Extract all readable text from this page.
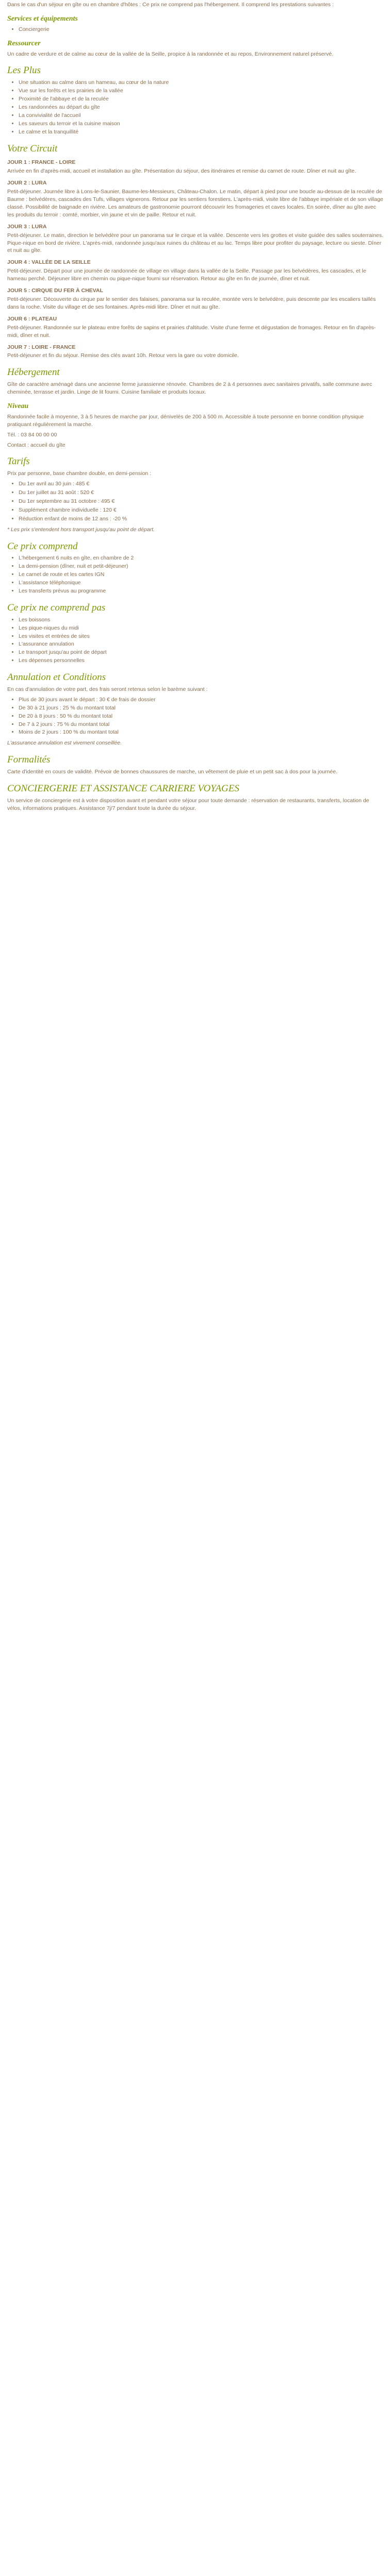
Dans le cas d'un séjour en gîte ou en chambre d'hôtes : Ce prix ne comprend pas l'hébergement. Il comprend les prestations suivantes :

Services et équipements
• Conciergerie
Ressourcer

Un cadre de verdure et de calme au cœur de la vallée de la Seille, propice à la randonnée et au repos. Environnement naturel préservé.

Les Plus
• Une situation au calme dans un hameau, au cœur de la nature
• Vue sur les forêts et les prairies de la vallée
• Proximité de l'abbaye et de la reculée
• Les randonnées au départ du gîte
• La convivialité de l'accueil
• Les saveurs du terroir et la cuisine maison
• Le calme et la tranquillité
Votre Circuit
JOUR 1 : FRANCE - LOIRE

Arrivée en fin d'après-midi, accueil et installation au gîte. Présentation du séjour, des itinéraires et remise du carnet de route. Dîner et nuit au gîte.

JOUR 2 : LURA

Petit-déjeuner. Journée libre à Lons-le-Saunier, Baume-les-Messieurs, Château-Chalon. Le matin, départ à pied pour une boucle au-dessus de la reculée de Baume : belvédères, cascades des Tufs, villages vignerons. Retour par les sentiers forestiers. L'après-midi, visite libre de l'abbaye impériale et de son village classé. Possibilité de baignade en rivière. Les amateurs de gastronomie pourront découvrir les fromageries et caves locales. En soirée, dîner au gîte avec les produits du terroir : comté, morbier, vin jaune et vin de paille. Retour et nuit.

JOUR 3 : LURA

Petit-déjeuner. Le matin, direction le belvédère pour un panorama sur le cirque et la vallée. Descente vers les grottes et visite guidée des salles souterraines. Pique-nique en bord de rivière. L'après-midi, randonnée jusqu'aux ruines du château et au lac. Temps libre pour profiter du paysage, lecture ou sieste. Dîner et nuit au gîte.

JOUR 4 : VALLÉE DE LA SEILLE

Petit-déjeuner. Départ pour une journée de randonnée de village en village dans la vallée de la Seille. Passage par les belvédères, les cascades, et le hameau perché. Déjeuner libre en chemin ou pique-nique fourni sur réservation. Retour au gîte en fin de journée, dîner et nuit.

JOUR 5 : CIRQUE DU FER À CHEVAL

Petit-déjeuner. Découverte du cirque par le sentier des falaises, panorama sur la reculée, montée vers le belvédère, puis descente par les escaliers taillés dans la roche. Visite du village et de ses fontaines. Après-midi libre. Dîner et nuit au gîte.

JOUR 6 : PLATEAU

Petit-déjeuner. Randonnée sur le plateau entre forêts de sapins et prairies d'altitude. Visite d'une ferme et dégustation de fromages. Retour en fin d'après-midi, dîner et nuit.

JOUR 7 : LOIRE - FRANCE

Petit-déjeuner et fin du séjour. Remise des clés avant 10h. Retour vers la gare ou votre domicile.

Hébergement

Gîte de caractère aménagé dans une ancienne ferme jurassienne rénovée. Chambres de 2 à 4 personnes avec sanitaires privatifs, salle commune avec cheminée, terrasse et jardin. Linge de lit fourni. Cuisine familiale et produits locaux.

Niveau

Randonnée facile à moyenne, 3 à 5 heures de marche par jour, dénivelés de 200 à 500 m. Accessible à toute personne en bonne condition physique pratiquant régulièrement la marche.

Tél. : 03 84 00 00 00

Contact : accueil du gîte

Tarifs

Prix par personne, base chambre double, en demi-pension :

• Du 1er avril au 30 juin : 485 €
• Du 1er juillet au 31 août : 520 €
• Du 1er septembre au 31 octobre : 495 €
• Supplément chambre individuelle : 120 €
• Réduction enfant de moins de 12 ans : -20 %

* Les prix s'entendent hors transport jusqu'au point de départ.

Ce prix comprend
• L'hébergement 6 nuits en gîte, en chambre de 2
• La demi-pension (dîner, nuit et petit-déjeuner)
• Le carnet de route et les cartes IGN
• L'assistance téléphonique
• Les transferts prévus au programme
Ce prix ne comprend pas
• Les boissons
• Les pique-niques du midi
• Les visites et entrées de sites
• L'assurance annulation
• Le transport jusqu'au point de départ
• Les dépenses personnelles
Annulation et Conditions

En cas d'annulation de votre part, des frais seront retenus selon le barème suivant :

• Plus de 30 jours avant le départ : 30 € de frais de dossier
• De 30 à 21 jours : 25 % du montant total
• De 20 à 8 jours : 50 % du montant total
• De 7 à 2 jours : 75 % du montant total
• Moins de 2 jours : 100 % du montant total

L'assurance annulation est vivement conseillée.

Formalités

Carte d'identité en cours de validité. Prévoir de bonnes chaussures de marche, un vêtement de pluie et un petit sac à dos pour la journée.

CONCIERGERIE ET ASSISTANCE CARRIERE VOYAGES

Un service de conciergerie est à votre disposition avant et pendant votre séjour pour toute demande : réservation de restaurants, transferts, location de vélos, informations pratiques. Assistance 7j/7 pendant toute la durée du séjour.
